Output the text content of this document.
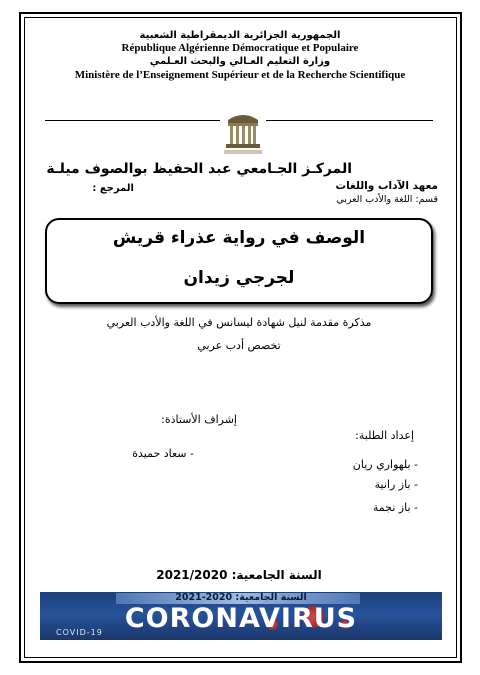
الجمهورية الجزائرية الديمقراطية الشعبية
République Algérienne Démocratique et Populaire
وزارة التعليم العـالي والبحث العـلمي
Ministère de l’Enseignement Supérieur et de la Recherche Scientifique
المركـز الجـامعي عبد الحفيظ بوالصوف ميلـة
معهد الآداب واللغات
المرجع :
قسم: اللغة والأدب العربي
الوصف في رواية عذراء قريش
لجرجي زيدان
مذكرة مقدمة لنيل شهادة ليسانس في اللغة والأدب العربي
تخصص أدب عربي
إشراف الأستاذة:
- سعاد حميدة
إعداد الطلبة:
- بلهواري ريان
- باز رانية
- باز نجمة
السنة الجامعية: 2021/2020
السنة الجامعية: 2020-2021
CORONAVIRUS
COVID-19
